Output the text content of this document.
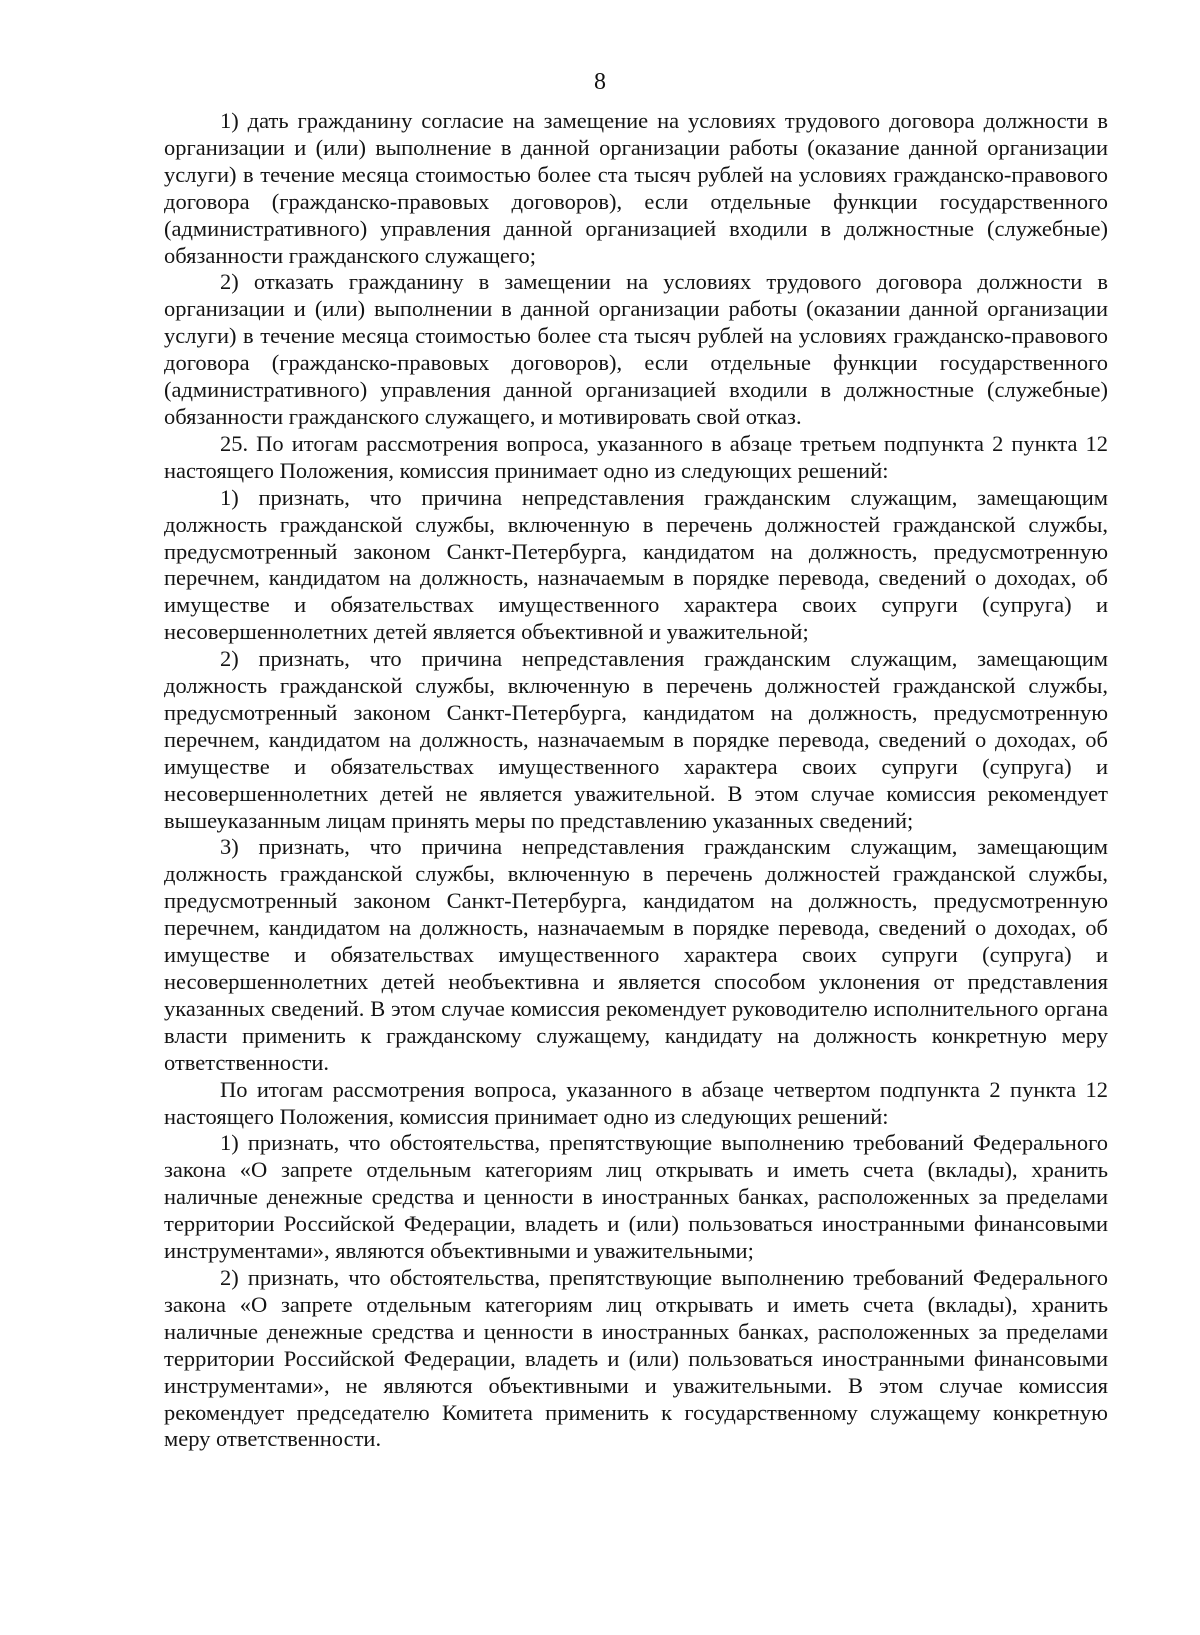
8

1) дать гражданину согласие на замещение на условиях трудового договора должности в организации и (или) выполнение в данной организации работы (оказание данной организации услуги) в течение месяца стоимостью более ста тысяч рублей на условиях гражданско-правового договора (гражданско-правовых договоров), если отдельные функции государственного (административного) управления данной организацией входили в должностные (служебные) обязанности гражданского служащего;

2) отказать гражданину в замещении на условиях трудового договора должности в организации и (или) выполнении в данной организации работы (оказании данной организации услуги) в течение месяца стоимостью более ста тысяч рублей на условиях гражданско-правового договора (гражданско-правовых договоров), если отдельные функции государственного (административного) управления данной организацией входили в должностные (служебные) обязанности гражданского служащего, и мотивировать свой отказ.

25. По итогам рассмотрения вопроса, указанного в абзаце третьем подпункта 2 пункта 12 настоящего Положения, комиссия принимает одно из следующих решений:

1) признать, что причина непредставления гражданским служащим, замещающим должность гражданской службы, включенную в перечень должностей гражданской службы, предусмотренный законом Санкт-Петербурга, кандидатом на должность, предусмотренную перечнем, кандидатом на должность, назначаемым в порядке перевода, сведений о доходах, об имуществе и обязательствах имущественного характера своих супруги (супруга) и несовершеннолетних детей является объективной и уважительной;

2) признать, что причина непредставления гражданским служащим, замещающим должность гражданской службы, включенную в перечень должностей гражданской службы, предусмотренный законом Санкт-Петербурга, кандидатом на должность, предусмотренную перечнем, кандидатом на должность, назначаемым в порядке перевода, сведений о доходах, об имуществе и обязательствах имущественного характера своих супруги (супруга) и несовершеннолетних детей не является уважительной. В этом случае комиссия рекомендует вышеуказанным лицам принять меры по представлению указанных сведений;

3) признать, что причина непредставления гражданским служащим, замещающим должность гражданской службы, включенную в перечень должностей гражданской службы, предусмотренный законом Санкт-Петербурга, кандидатом на должность, предусмотренную перечнем, кандидатом на должность, назначаемым в порядке перевода, сведений о доходах, об имуществе и обязательствах имущественного характера своих супруги (супруга) и несовершеннолетних детей необъективна и является способом уклонения от представления указанных сведений. В этом случае комиссия рекомендует руководителю исполнительного органа власти применить к гражданскому служащему, кандидату на должность конкретную меру ответственности.

По итогам рассмотрения вопроса, указанного в абзаце четвертом подпункта 2 пункта 12 настоящего Положения, комиссия принимает одно из следующих решений:

1) признать, что обстоятельства, препятствующие выполнению требований Федерального закона «О запрете отдельным категориям лиц открывать и иметь счета (вклады), хранить наличные денежные средства и ценности в иностранных банках, расположенных за пределами территории Российской Федерации, владеть и (или) пользоваться иностранными финансовыми инструментами», являются объективными и уважительными;

2) признать, что обстоятельства, препятствующие выполнению требований Федерального закона «О запрете отдельным категориям лиц открывать и иметь счета (вклады), хранить наличные денежные средства и ценности в иностранных банках, расположенных за пределами территории Российской Федерации, владеть и (или) пользоваться иностранными финансовыми инструментами», не являются объективными и уважительными. В этом случае комиссия рекомендует председателю Комитета применить к государственному служащему конкретную меру ответственности.
